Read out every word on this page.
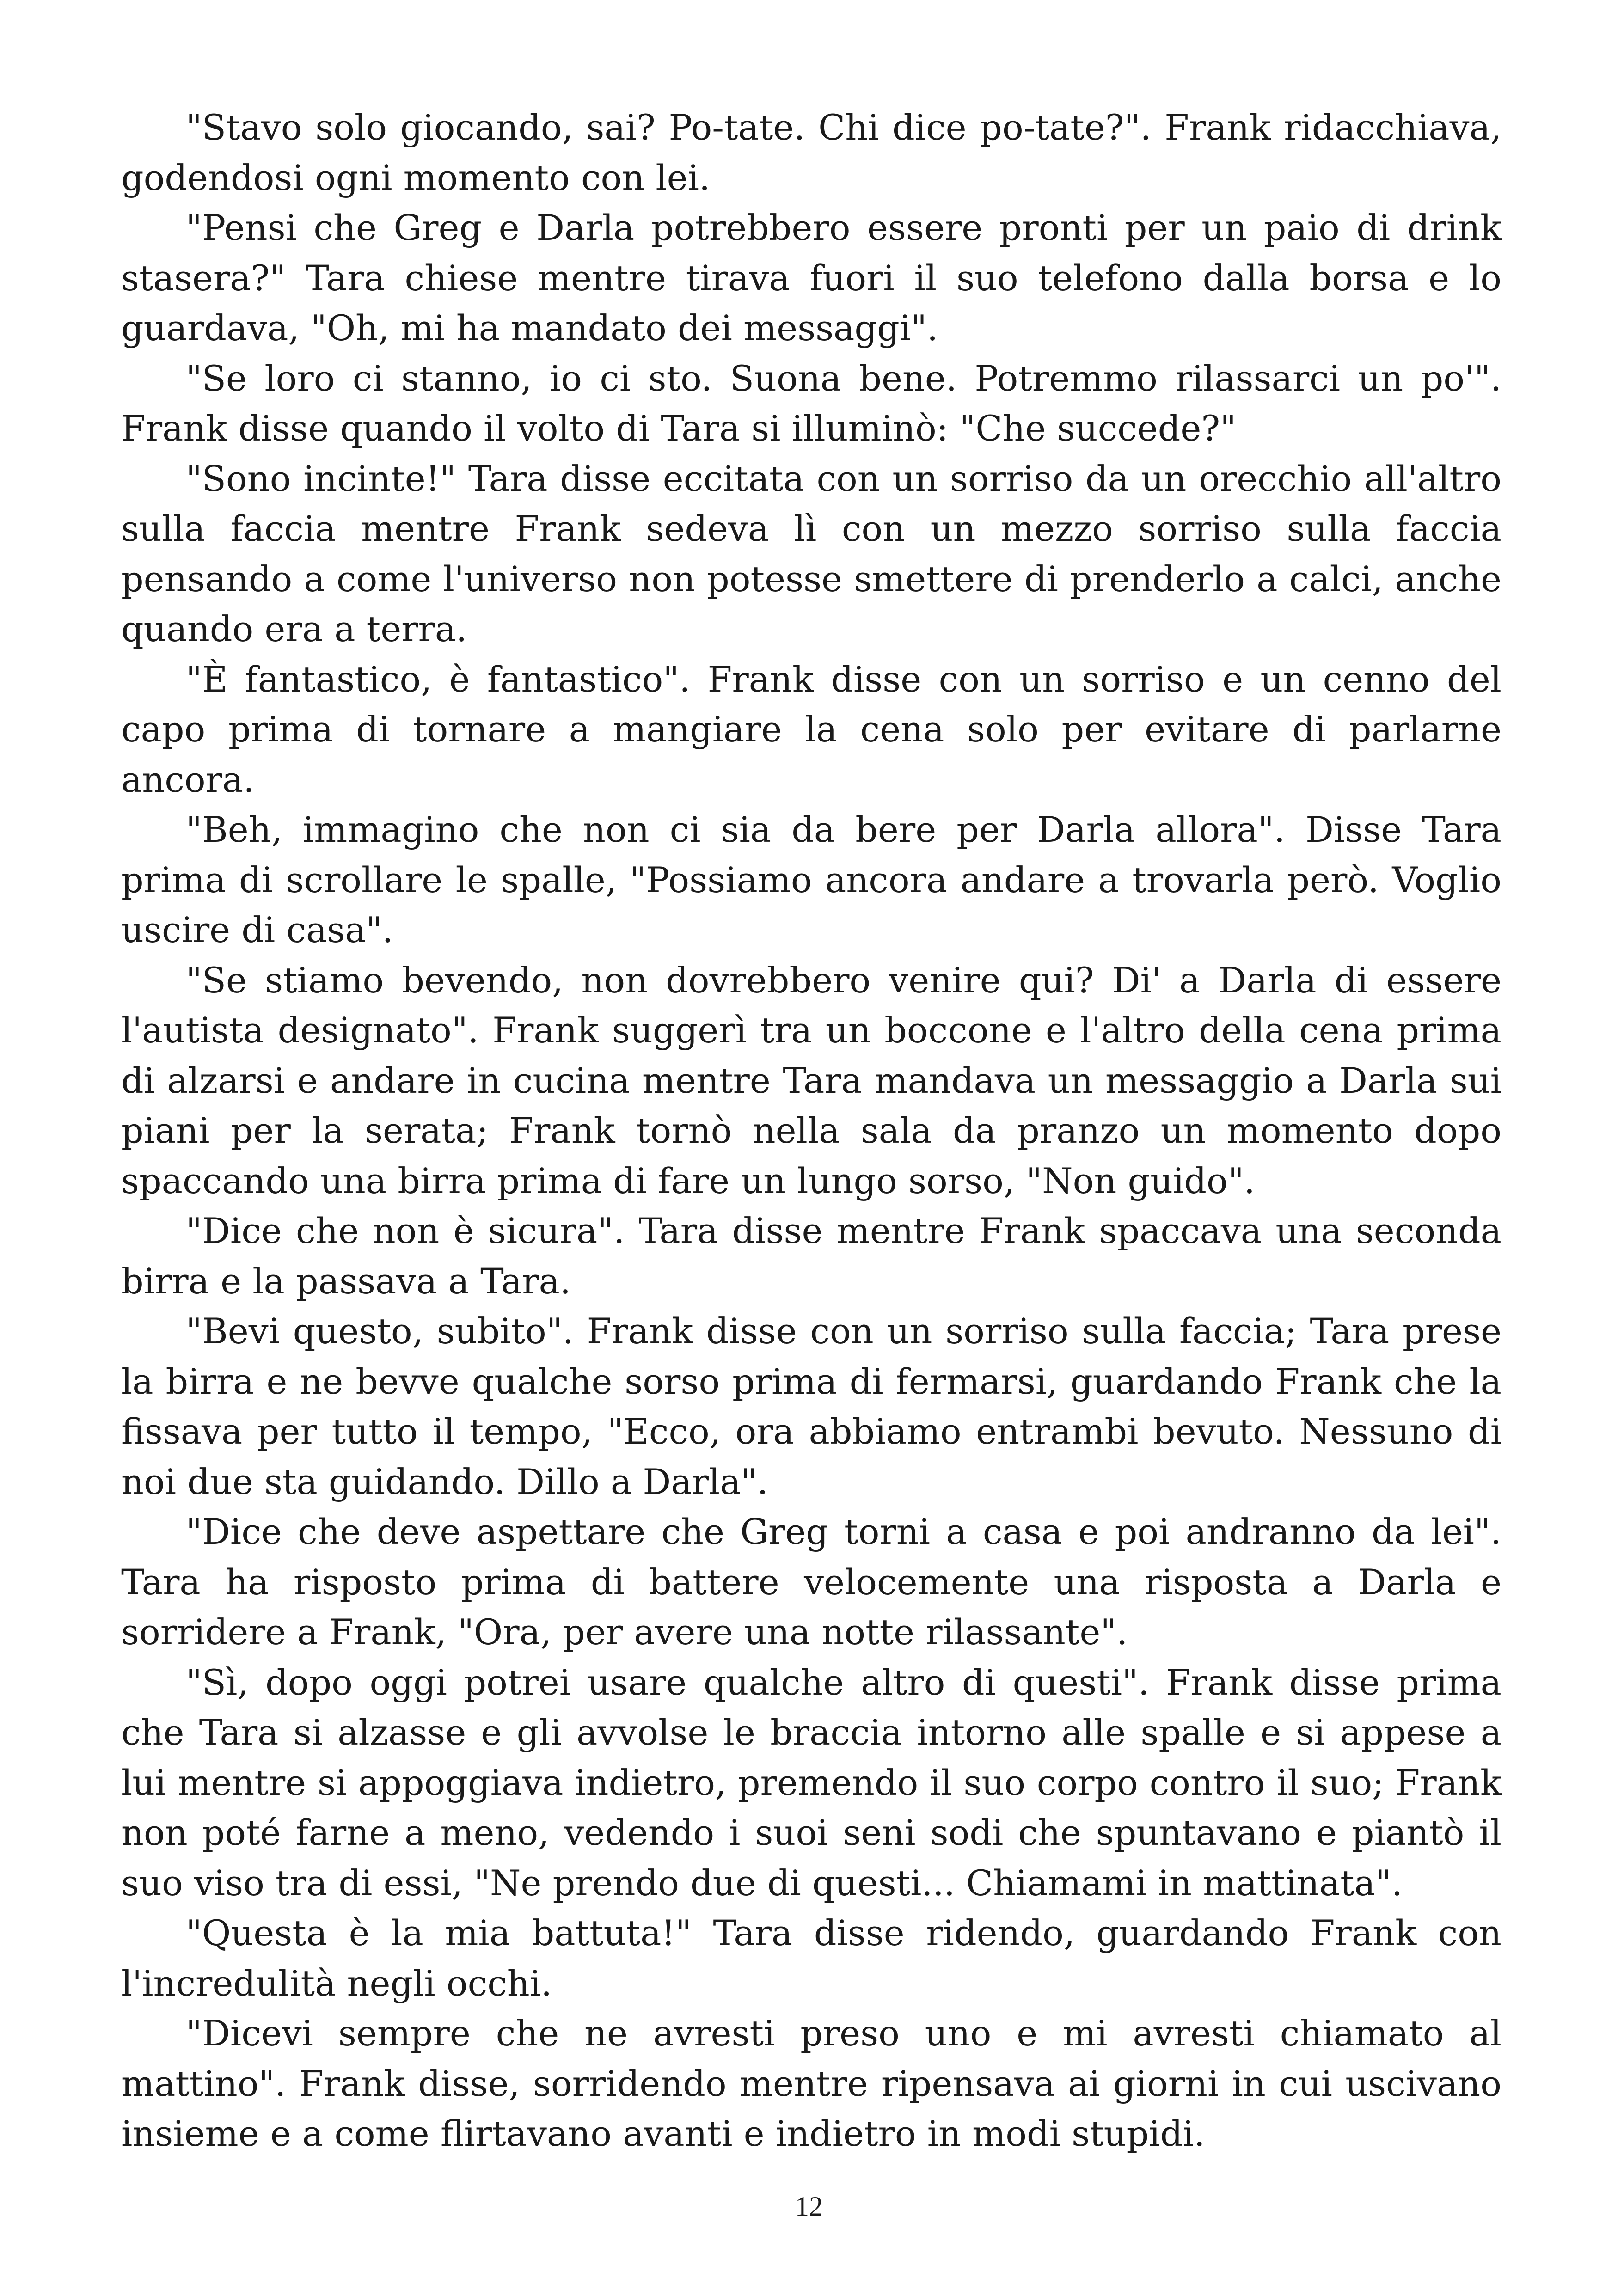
"Stavo solo giocando, sai? Po-tate. Chi dice po-tate?". Frank ridacchiava, godendosi ogni momento con lei.

"Pensi che Greg e Darla potrebbero essere pronti per un paio di drink stasera?" Tara chiese mentre tirava fuori il suo telefono dalla borsa e lo guardava, "Oh, mi ha mandato dei messaggi".

"Se loro ci stanno, io ci sto. Suona bene. Potremmo rilassarci un po'". Frank disse quando il volto di Tara si illuminò: "Che succede?"

"Sono incinte!" Tara disse eccitata con un sorriso da un orecchio all'altro sulla faccia mentre Frank sedeva lì con un mezzo sorriso sulla faccia pensando a come l'universo non potesse smettere di prenderlo a calci, anche quando era a terra.

"È fantastico, è fantastico". Frank disse con un sorriso e un cenno del capo prima di tornare a mangiare la cena solo per evitare di parlarne ancora.

"Beh, immagino che non ci sia da bere per Darla allora". Disse Tara prima di scrollare le spalle, "Possiamo ancora andare a trovarla però. Voglio uscire di casa".

"Se stiamo bevendo, non dovrebbero venire qui? Di' a Darla di essere l'autista designato". Frank suggerì tra un boccone e l'altro della cena prima di alzarsi e andare in cucina mentre Tara mandava un messaggio a Darla sui piani per la serata; Frank tornò nella sala da pranzo un momento dopo spaccando una birra prima di fare un lungo sorso, "Non guido".

"Dice che non è sicura". Tara disse mentre Frank spaccava una seconda birra e la passava a Tara.

"Bevi questo, subito". Frank disse con un sorriso sulla faccia; Tara prese la birra e ne bevve qualche sorso prima di fermarsi, guardando Frank che la fissava per tutto il tempo, "Ecco, ora abbiamo entrambi bevuto. Nessuno di noi due sta guidando. Dillo a Darla".

"Dice che deve aspettare che Greg torni a casa e poi andranno da lei". Tara ha risposto prima di battere velocemente una risposta a Darla e sorridere a Frank, "Ora, per avere una notte rilassante".

"Sì, dopo oggi potrei usare qualche altro di questi". Frank disse prima che Tara si alzasse e gli avvolse le braccia intorno alle spalle e si appese a lui mentre si appoggiava indietro, premendo il suo corpo contro il suo; Frank non poté farne a meno, vedendo i suoi seni sodi che spuntavano e piantò il suo viso tra di essi, "Ne prendo due di questi... Chiamami in mattinata".

"Questa è la mia battuta!" Tara disse ridendo, guardando Frank con l'incredulità negli occhi.

"Dicevi sempre che ne avresti preso uno e mi avresti chiamato al mattino". Frank disse, sorridendo mentre ripensava ai giorni in cui uscivano insieme e a come flirtavano avanti e indietro in modi stupidi.

12
